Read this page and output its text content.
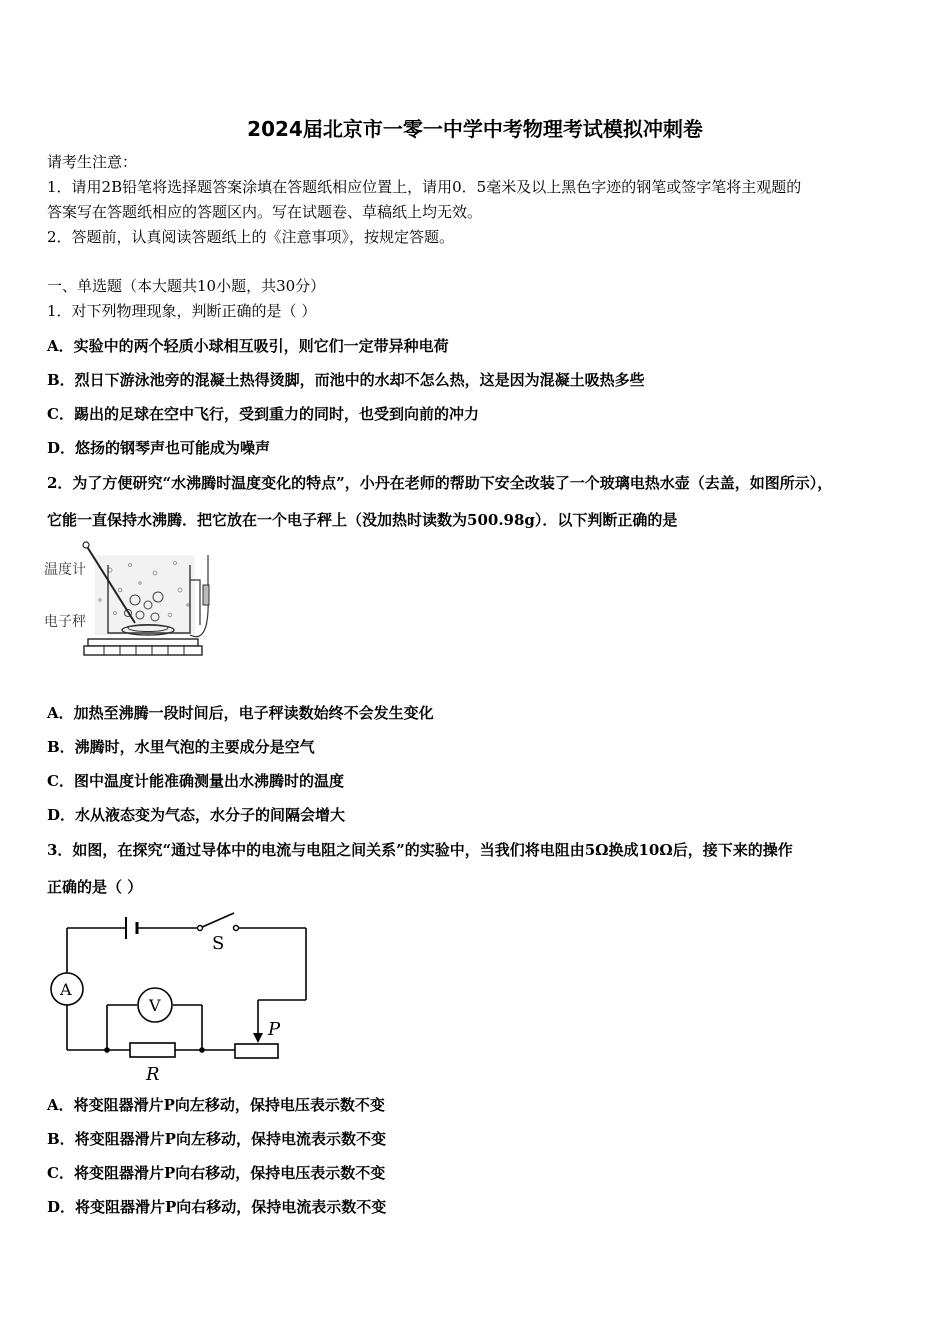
2024届北京市一零一中学中考物理考试模拟冲刺卷
请考生注意：
1．请用2B铅笔将选择题答案涂填在答题纸相应位置上，请用0．5毫米及以上黑色字迹的钢笔或签字笔将主观题的
答案写在答题纸相应的答题区内。写在试题卷、草稿纸上均无效。
2．答题前，认真阅读答题纸上的《注意事项》，按规定答题。
一、单选题（本大题共10小题，共30分）
1．对下列物理现象，判断正确的是（ ）
A．实验中的两个轻质小球相互吸引，则它们一定带异种电荷
B．烈日下游泳池旁的混凝土热得烫脚，而池中的水却不怎么热，这是因为混凝土吸热多些
C．踢出的足球在空中飞行，受到重力的同时，也受到向前的冲力
D．悠扬的钢琴声也可能成为噪声
2．为了方便研究“水沸腾时温度变化的特点”，小丹在老师的帮助下安全改装了一个玻璃电热水壶（去盖，如图所示），
它能一直保持水沸腾．把它放在一个电子秤上（没加热时读数为500.98g）．以下判断正确的是
温度计
电子秤
A．加热至沸腾一段时间后，电子秤读数始终不会发生变化
B．沸腾时，水里气泡的主要成分是空气
C．图中温度计能准确测量出水沸腾时的温度
D．水从液态变为气态，水分子的间隔会增大
3．如图，在探究“通过导体中的电流与电阻之间关系”的实验中，当我们将电阻由5Ω换成10Ω后，接下来的操作
正确的是（ ）
S
A
V
P
R
A．将变阻器滑片P向左移动，保持电压表示数不变
B．将变阻器滑片P向左移动，保持电流表示数不变
C．将变阻器滑片P向右移动，保持电压表示数不变
D．将变阻器滑片P向右移动，保持电流表示数不变
